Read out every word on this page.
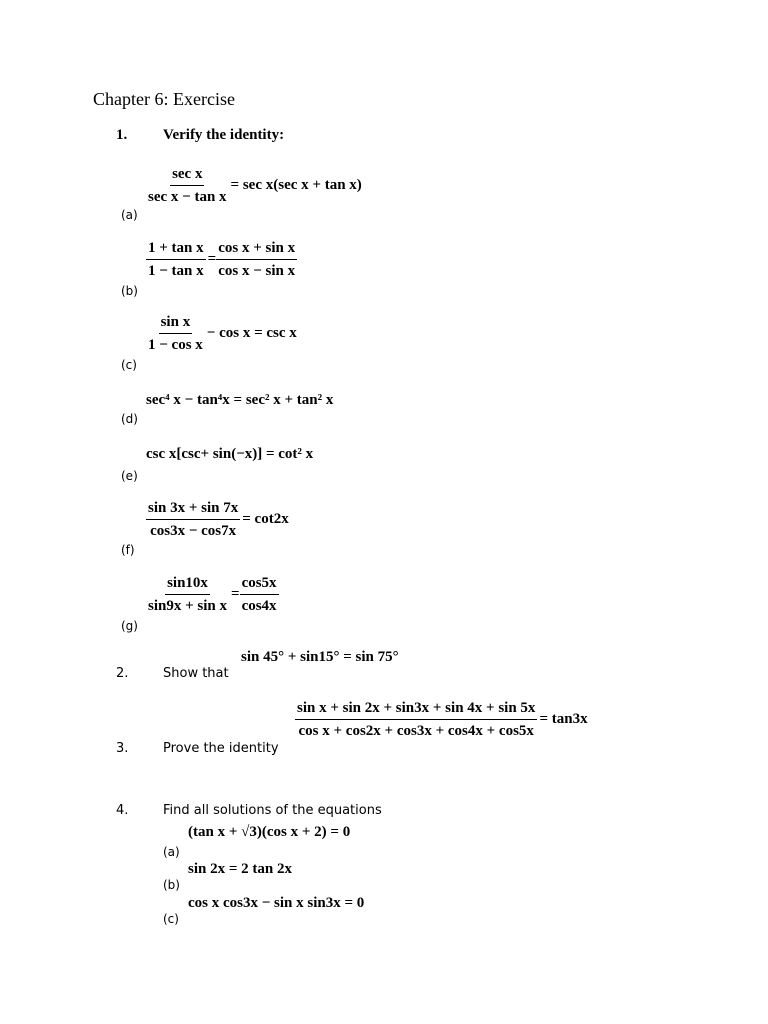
Chapter 6: Exercise
1. Verify the identity:
$\frac{\text{sec x}}{\text{sec x − tan x}} = \sec x(\sec$ x + tan x)
(a)
$\frac{\text{1 + tan x}}{\text{1 − tan x}} = \frac{\text{cos x + sin x}}{\text{cos x − sin x}}$
(b)
$\frac{\text{sin x}}{\text{1 − cos x}} - \cos x = \csc x$
(c)
sec⁴ x − tan⁴x = sec² x + tan² x
(d)
csc x[csc+ sin(−x)] = cot² x
(e)
$\frac{\sin 3x + \sin 7x}{\cos 3x - \cos 7x} = \cot 2x$
(f)
$\frac{\sin 10x}{\text{sin9x + sin x}} = \frac{\cos 5x}{\cos 4x}$
(g)
sin 45° + sin15° = sin 75°
2.	Show that
$\frac{\text{sin x + sin 2x + sin3x + sin 4x + sin 5x}}{\text{cos x + cos2x + cos3x + cos4x + cos5x}} = \tan 3x$
3.	Prove the identity
4.	Find all solutions of the equations
(tan x + √3)(cos x + 2) = 0
(a)
sin 2x = 2 tan 2x
(b)
cos x cos3x − sin x sin3x = 0
(c)
